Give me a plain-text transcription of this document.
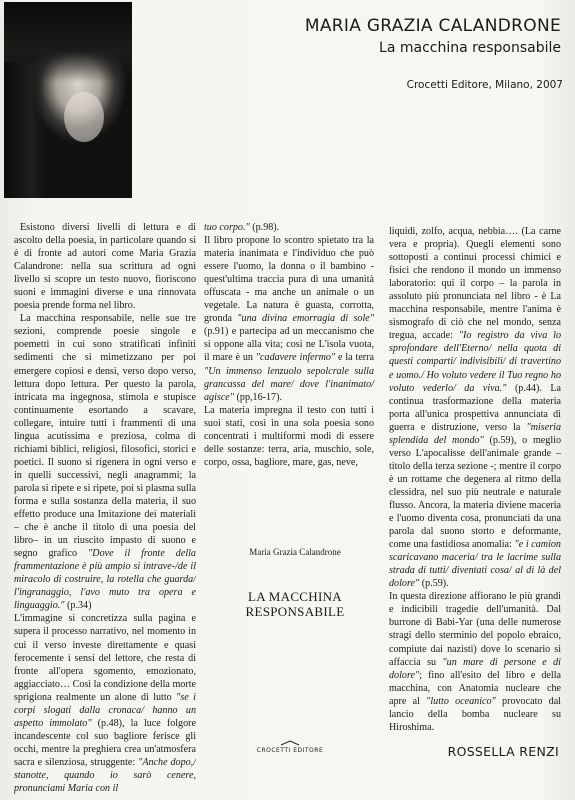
MARIA GRAZIA CALANDRONE
La macchina responsabile
Crocetti Editore, Milano, 2007

Esistono diversi livelli di lettura e di ascolto della poesia, in particolare quando si è di fronte ad autori come Maria Grazia Calandrone: nella sua scrittura ad ogni livello si scopre un testo nuovo, fioriscono suoni e immagini diverse e una rinnovata poesia prende forma nel libro.

La macchina responsabile, nelle sue tre sezioni, comprende poesie singole e poemetti in cui sono stratificati infiniti sedimenti che si mimetizzano per poi emergere copiosi e densi, verso dopo verso, lettura dopo lettura. Per questo la parola, intricata ma ingegnosa, stimola e stupisce continuamente esortando a scavare, collegare, intuire tutti i frammenti di una lingua acutissima e preziosa, colma di richiami biblici, religiosi, filosofici, storici e poetici. Il suono si rigenera in ogni verso e in quelli successivi, negli anagrammi; la parola si ripete e si ripete, poi si plasma sulla forma e sulla sostanza della materia, il suo effetto produce una Imitazione dei materiali – che è anche il titolo di una poesia del libro– in un riuscito impasto di suono e segno grafico "Dove il fronte della frammentazione è più ampio si intrave-/de il miracolo di costruire, la rotella che guarda/ l'ingranaggio, l'avo muto tra opera e linguaggio." (p.34)

L'immagine si concretizza sulla pagina e supera il processo narrativo, nel momento in cui il verso investe direttamente e quasi ferocemente i sensi del lettore, che resta di fronte all'opera sgomento, emozionato, aggiacciato… Così la condizione della morte sprigiona realmente un alone di lutto "se i corpi slogati dalla cronaca/ hanno un aspetto immolato" (p.48), la luce folgore incandescente col suo bagliore ferisce gli occhi, mentre la preghiera crea un'atmosfera sacra e silenziosa, struggente: "Anche dopo,/ stanotte, quando io sarò cenere, pronunciami Maria con il

tuo corpo." (p.98).

Il libro propone lo scontro spietato tra la materia inanimata e l'individuo che può essere l'uomo, la donna o il bambino - quest'ultima traccia pura di una umanità offuscata - ma anche un animale o un vegetale. La natura è guasta, corrotta, gronda "una divina emorragia di sole" (p.91) e partecipa ad un meccanismo che si oppone alla vita; così ne L'isola vuota, il mare è un "cadavere infermo" e la terra "Un immenso lenzuolo sepolcrale sulla grancassa del mare/ dove l'inanimato/ agisce" (pp,16-17).

La materia impregna il testo con tutti i suoi stati, così in una sola poesia sono concentrati i multiformi modi di essere delle sostanze: terra, aria, muschio, sole, corpo, ossa, bagliore, mare, gas, neve,

Maria Grazia Calandrone
LA MACCHINA RESPONSABILE
CROCETTI EDITORE

liquidi, zolfo, acqua, nebbia…. (La carne vera e propria). Quegli elementi sono sottoposti a continui processi chimici e fisici che rendono il mondo un immenso laboratorio: qui il corpo – la parola in assoluto più pronunciata nel libro - è La macchina responsabile, mentre l'anima è sismografo di ciò che nel mondo, senza tregua, accade: "Io registro da viva lo sprofondare dell'Eterno/ nella quota di questi comparti/ indivisibili/ di travertino e uomo./ Ho voluto vedere il Tuo regno ho voluto vederlo/ da viva." (p.44). La continua trasformazione della materia porta all'unica prospettiva annunciata di guerra e distruzione, verso la "miseria splendida del mondo" (p.59), o meglio verso L'apocalisse dell'animale grande – titolo della terza sezione -; mentre il corpo è un rottame che degenera al ritmo della clessidra, nel suo più neutrale e naturale flusso. Ancora, la materia diviene maceria e l'uomo diventa cosa, pronunciati da una parola dal suono storto e deformante, come una fastidiosa anomalia: "e i camion scaricavano maceria/ tra le lacrime sulla strada di tutti/ diventati cosa/ al di là del dolore" (p.59).

In questa direzione affiorano le più grandi e indicibili tragedie dell'umanità. Dal burrone di Babi-Yar (una delle numerose stragi dello sterminio del popolo ebraico, compiute dai nazisti) dove lo scenario si affaccia su "un mare di persone e di dolore"; fino all'esito del libro e della macchina, con Anatomia nucleare che apre al "lutto oceanico" provocato dal lancio della bomba nucleare su Hiroshima.

ROSSELLA RENZI
